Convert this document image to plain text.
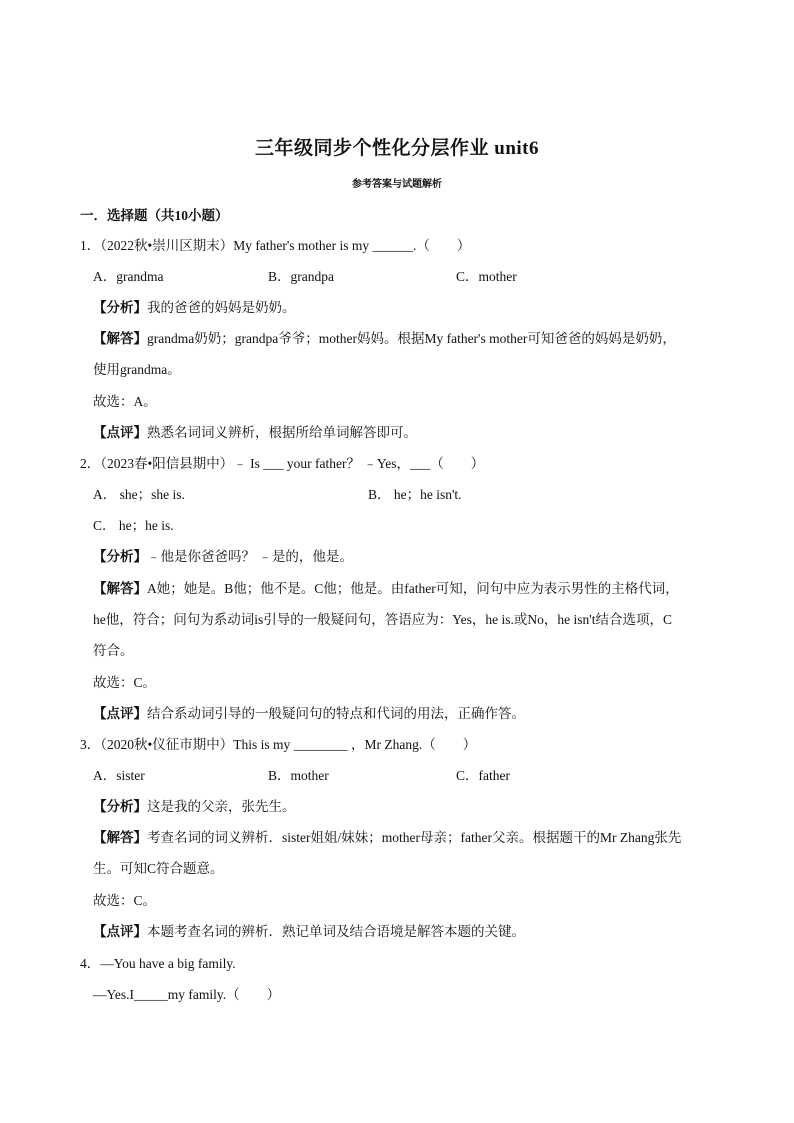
三年级同步个性化分层作业 unit6
参考答案与试题解析
一．选择题（共10小题）
1．（2022秋•崇川区期末）My father's mother is my ______.（　　）
A．grandma	B．grandpa	C．mother
【分析】我的爸爸的妈妈是奶奶。
【解答】grandma奶奶；grandpa爷爷；mother妈妈。根据My father's mother可知爸爸的妈妈是奶奶，
使用grandma。
故选：A。
【点评】熟悉名词词义辨析，根据所给单词解答即可。
2．（2023春•阳信县期中）﹣ Is ___ your father？ ﹣Yes，___（　　）
A． she；she is.	B． he；he isn't.
C． he；he is.
【分析】﹣他是你爸爸吗？ ﹣是的，他是。
【解答】A她；她是。B他；他不是。C他；他是。由father可知，问句中应为表示男性的主格代词，
he他，符合；问句为系动词is引导的一般疑问句，答语应为：Yes，he is.或No，he isn't结合选项，C
符合。
故选：C。
【点评】结合系动词引导的一般疑问句的特点和代词的用法，正确作答。
3．（2020秋•仪征市期中）This is my ________ ，Mr Zhang.（　　）
A．sister	B．mother	C．father
【分析】这是我的父亲，张先生。
【解答】考查名词的词义辨析．sister姐姐/妹妹；mother母亲；father父亲。根据题干的Mr Zhang张先
生。可知C符合题意。
故选：C。
【点评】本题考查名词的辨析．熟记单词及结合语境是解答本题的关键。
4．—You have a big family.
—Yes.I_____my family.（　　）
